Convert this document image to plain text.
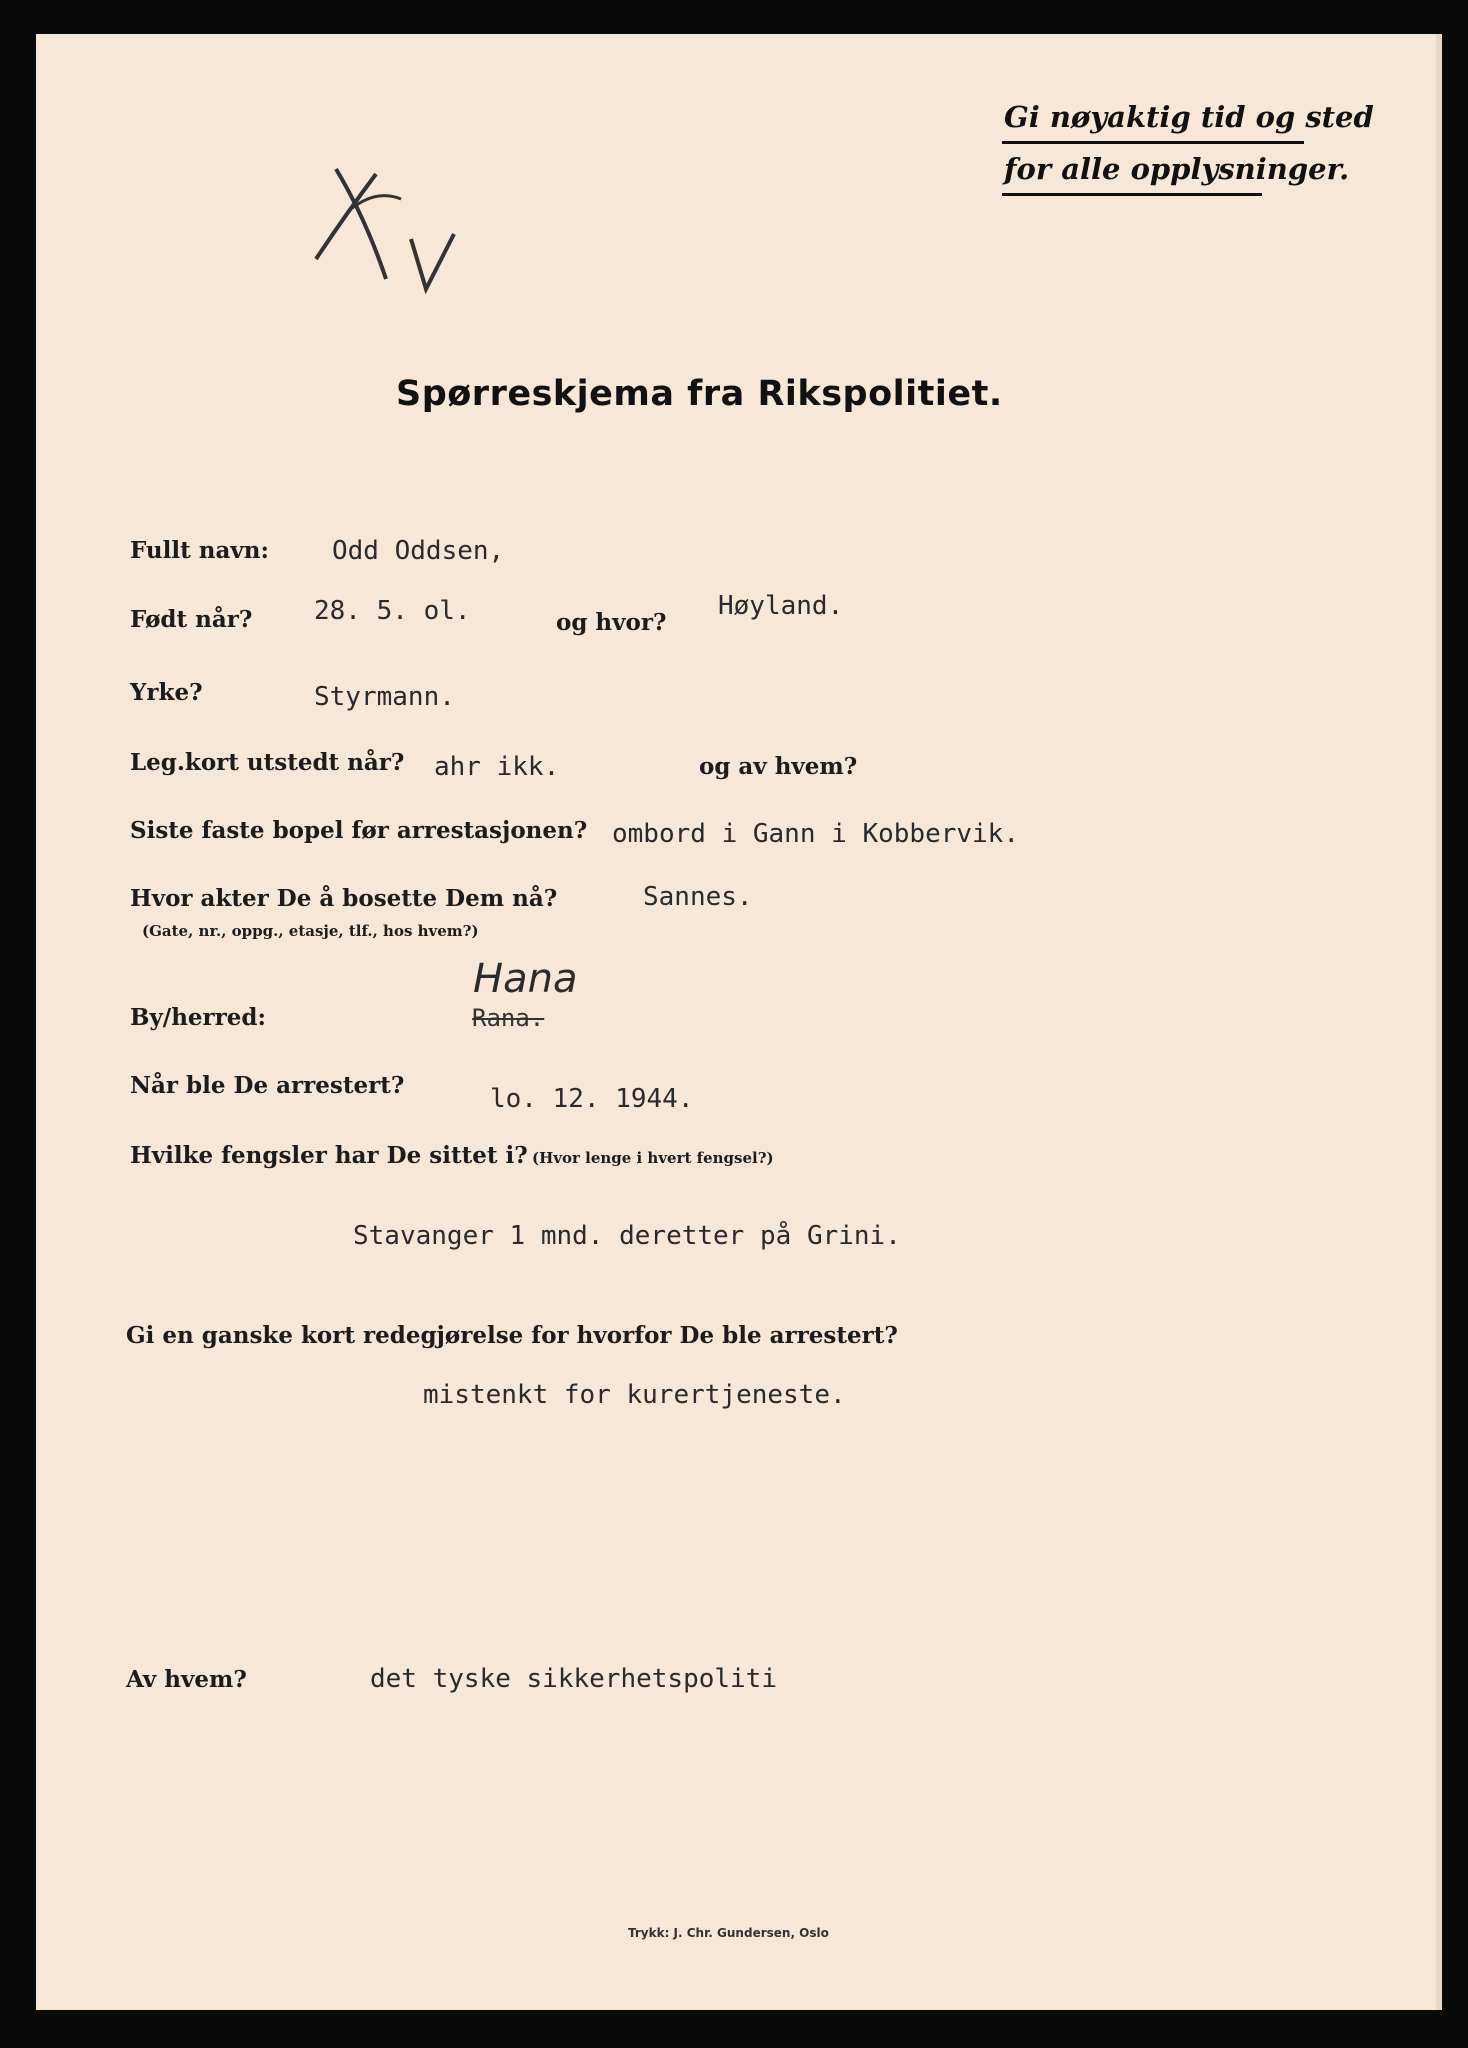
Gi nøyaktig tid og sted
for alle opplysninger.
Spørreskjema fra Rikspolitiet.
Fullt navn: Odd Oddsen,
Født når? 28. 5. ol.	og hvor?
Høyland.
Yrke?	Styrmann.
Leg.kort utstedt når? ahr ikk.	og av hvem?
Siste faste bopel før arrestasjonen? ombord i Gann i Kobbervik.
Hvor akter De å bosette Dem nå?
(Gate, nr., oppg., etasje, tlf., hos hvem?)
Sannes.
By/herred:
Hana
Rana.
Når ble De arrestert?	lo. 12. 1944.
Hvilke fengsler har De sittet i? (Hvor lenge i hvert fengsel?)
Stavanger 1 mnd. deretter på Grini.
Gi en ganske kort redegjørelse for hvorfor De ble arrestert?
mistenkt for kurertjeneste.
Av hvem?	det tyske sikkerhetspoliti
Trykk: J. Chr. Gundersen, Oslo
